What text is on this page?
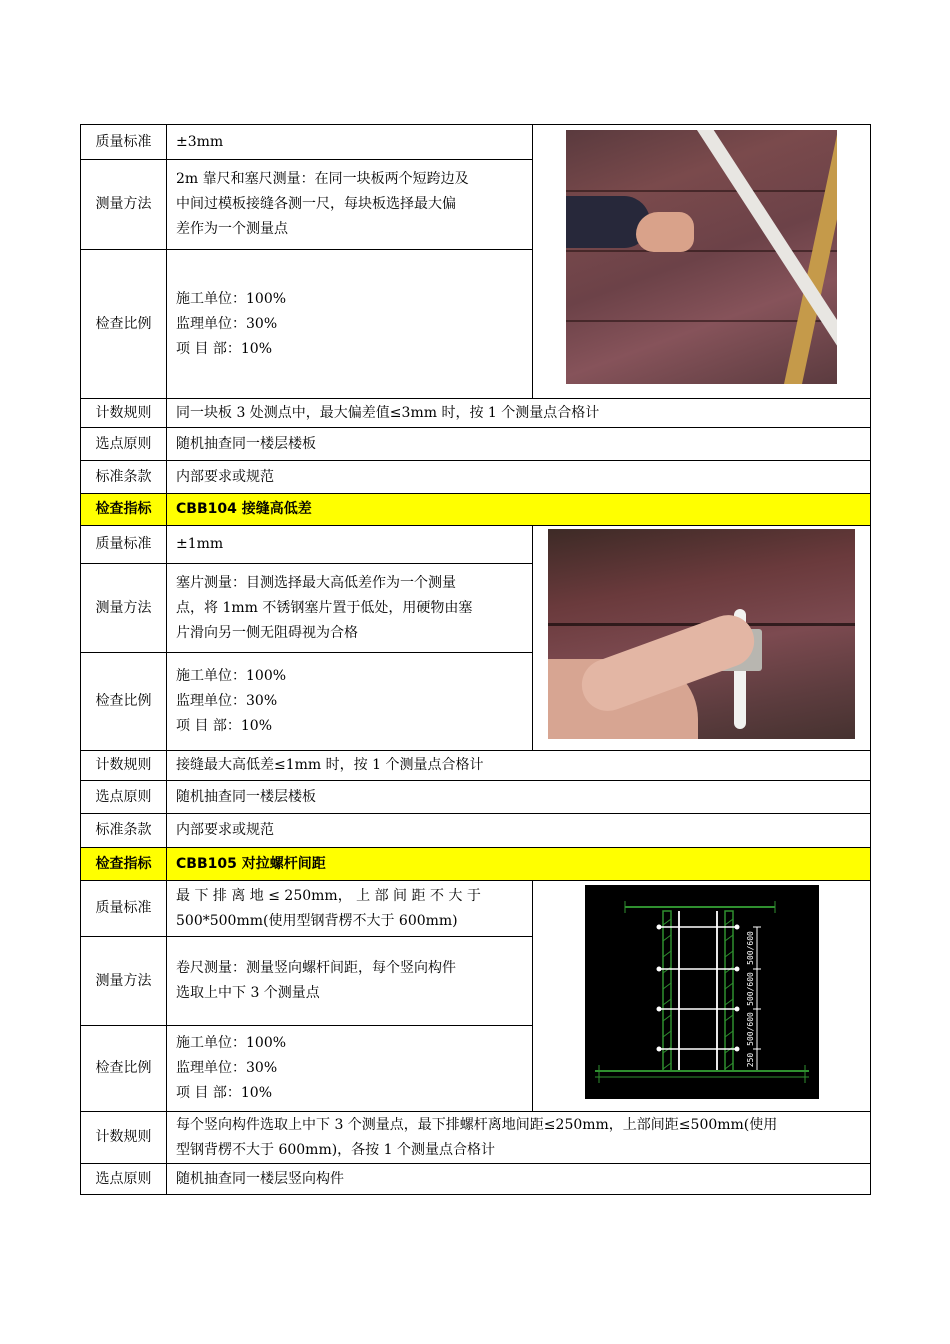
质量标准	±3mm	

测量方法	2m 靠尺和塞尺测量：在同一块板两个短跨边及
中间过模板接缝各测一尺，每块板选择最大偏
差作为一个测量点	

检查比例	施工单位：100%
监理单位：30%
项 目 部：10%	

计数规则	同一块板 3 处测点中，最大偏差值≤3mm 时，按 1 个测量点合格计	
选点原则	随机抽查同一楼层楼板	
标准条款	内部要求或规范	
检查指标	CBB104 接缝高低差	
质量标准	±1mm	

测量方法	塞片测量：目测选择最大高低差作为一个测量
点，将 1mm 不锈钢塞片置于低处，用硬物由塞
片滑向另一侧无阻碍视为合格	

检查比例	施工单位：100%
监理单位：30%
项 目 部：10%	

计数规则	接缝最大高低差≤1mm 时，按 1 个测量点合格计	
选点原则	随机抽查同一楼层楼板	
标准条款	内部要求或规范	
检查指标	CBB105 对拉螺杆间距	
质量标准	最 下 排 离 地 ≤ 250mm， 上 部 间 距 不 大 于
500*500mm(使用型钢背楞不大于 600mm)	500/600
500/600
500/600
250

测量方法	卷尺测量：测量竖向螺杆间距，每个竖向构件
选取上中下 3 个测量点	

检查比例	施工单位：100%
监理单位：30%
项 目 部：10%	

计数规则	每个竖向构件选取上中下 3 个测量点，最下排螺杆离地间距≤250mm，上部间距≤500mm(使用
型钢背楞不大于 600mm)，各按 1 个测量点合格计	

选点原则	随机抽查同一楼层竖向构件	
